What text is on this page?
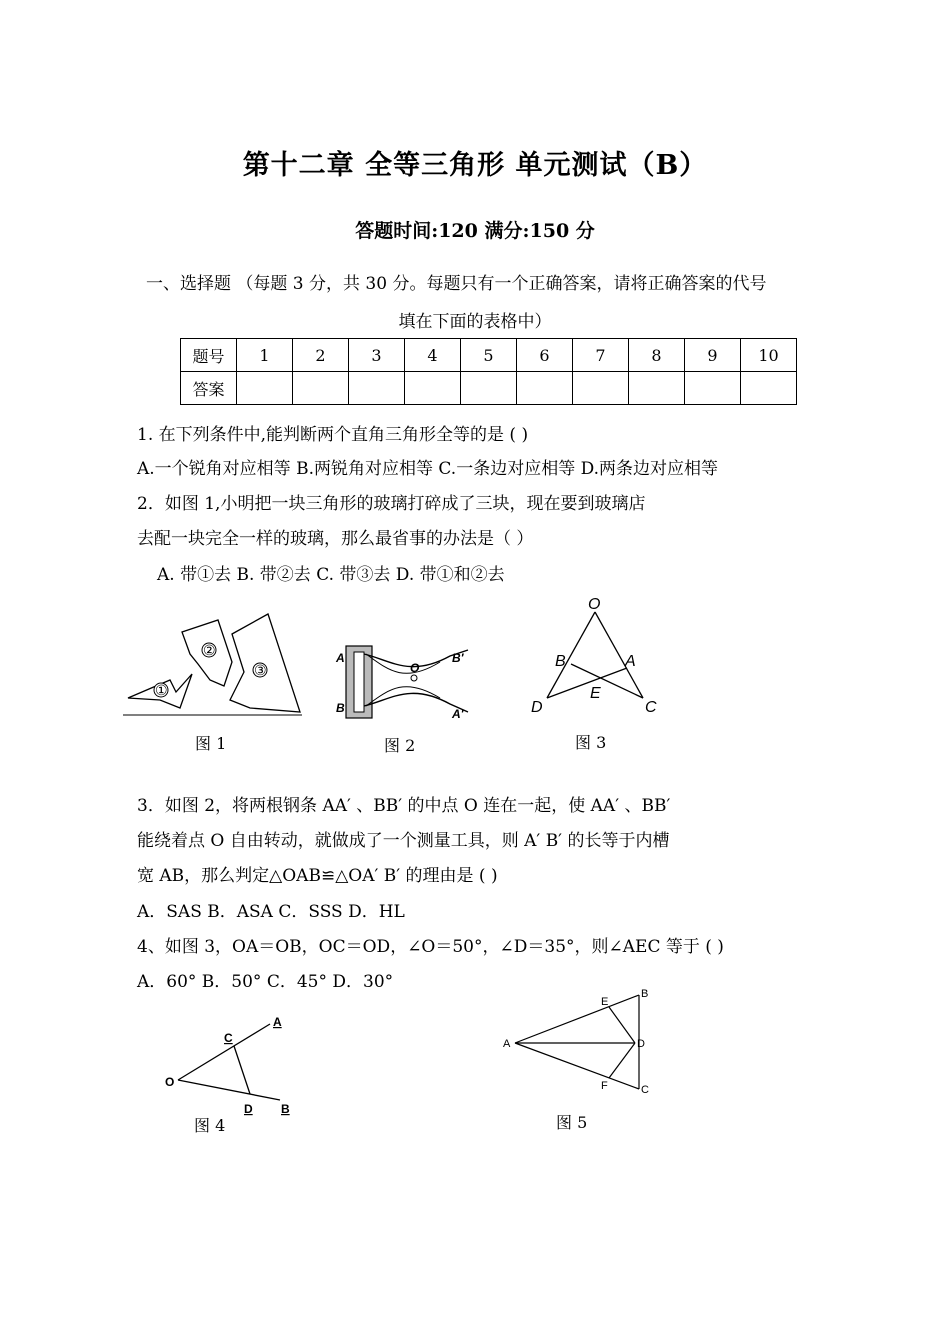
第十二章 全等三角形 单元测试（B）
答题时间:120 满分:150 分
一、选择题 （每题 3 分，共 30 分。每题只有一个正确答案，请将正确答案的代号
填在下面的表格中）
题号	1	2	3	4	5	6	7	8	9	10
答案										
1. 在下列条件中,能判断两个直角三角形全等的是 ( )
A.一个锐角对应相等 B.两锐角对应相等 C.一条边对应相等 D.两条边对应相等
2．如图 1,小明把一块三角形的玻璃打碎成了三块，现在要到玻璃店
去配一块完全一样的玻璃，那么最省事的办法是（ ）
A. 带①去 B. 带②去 C. 带③去 D. 带①和②去
①
②
③
图 1
A
B
O
B′
A′
图 2
O
B	A
E
D	C
图 3
3．如图 2，将两根钢条 AA′ 、BB′ 的中点 O 连在一起，使 AA′ 、BB′
能绕着点 O 自由转动，就做成了一个测量工具，则 A′ B′ 的长等于内槽
宽 AB，那么判定△OAB≌△OA′ B′ 的理由是 ( )
A．SAS B．ASA C．SSS D．HL
4、如图 3，OA＝OB，OC＝OD，∠O＝50°，∠D＝35°，则∠AEC 等于 ( )
A．60° B．50° C．45° D．30°
O
C
A
D B
图 4
A
E
B
D
F	C
图 5
